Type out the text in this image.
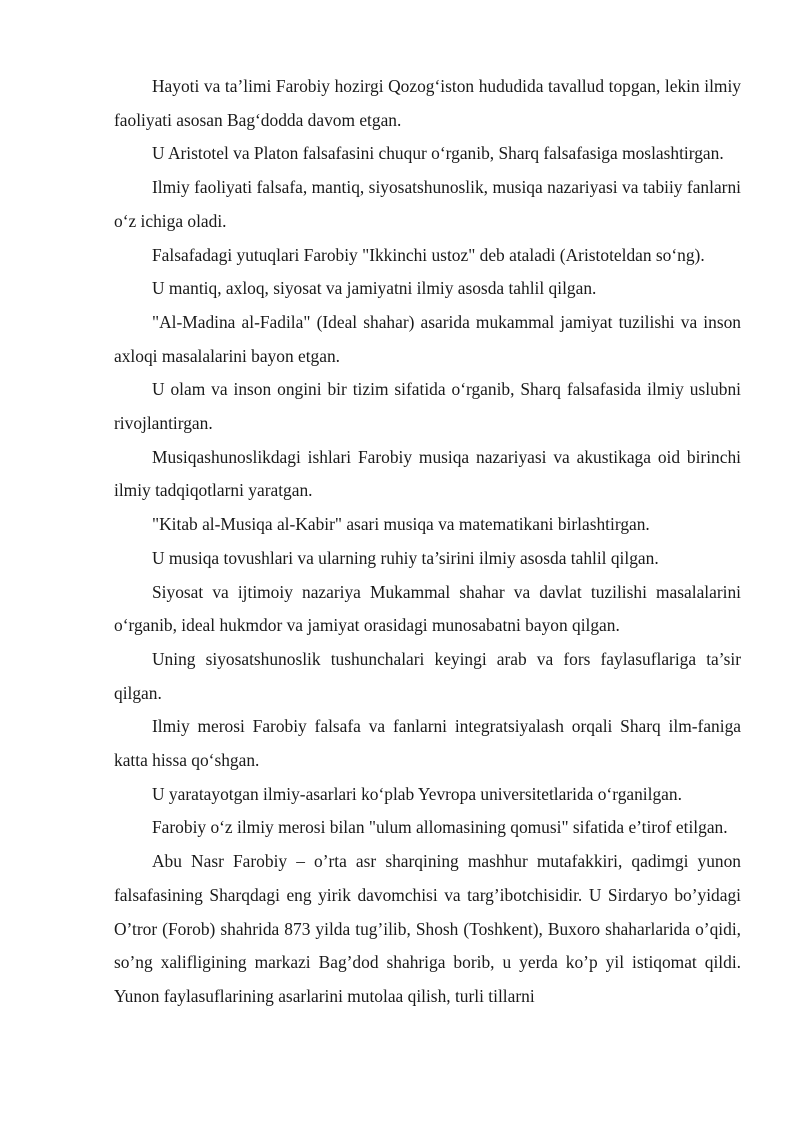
Hayoti va ta’limi Farobiy hozirgi Qozog‘iston hududida tavallud topgan, lekin ilmiy faoliyati asosan Bag‘dodda davom etgan.

U Aristotel va Platon falsafasini chuqur o‘rganib, Sharq falsafasiga moslashtirgan.

Ilmiy faoliyati falsafa, mantiq, siyosatshunoslik, musiqa nazariyasi va tabiiy fanlarni o‘z ichiga oladi.

Falsafadagi yutuqlari Farobiy "Ikkinchi ustoz" deb ataladi (Aristoteldan so‘ng).

U mantiq, axloq, siyosat va jamiyatni ilmiy asosda tahlil qilgan.

"Al-Madina al-Fadila" (Ideal shahar) asarida mukammal jamiyat tuzilishi va inson axloqi masalalarini bayon etgan.

U olam va inson ongini bir tizim sifatida o‘rganib, Sharq falsafasida ilmiy uslubni rivojlantirgan.

Musiqashunoslikdagi ishlari Farobiy musiqa nazariyasi va akustikaga oid birinchi ilmiy tadqiqotlarni yaratgan.

"Kitab al-Musiqa al-Kabir" asari musiqa va matematikani birlashtirgan.

U musiqa tovushlari va ularning ruhiy ta’sirini ilmiy asosda tahlil qilgan.

Siyosat va ijtimoiy nazariya Mukammal shahar va davlat tuzilishi masalalarini o‘rganib, ideal hukmdor va jamiyat orasidagi munosabatni bayon qilgan.

Uning siyosatshunoslik tushunchalari keyingi arab va fors faylasuflariga ta’sir qilgan.

Ilmiy merosi Farobiy falsafa va fanlarni integratsiyalash orqali Sharq ilm-faniga katta hissa qo‘shgan.

U yaratayotgan ilmiy-asarlari ko‘plab Yevropa universitetlarida o‘rganilgan.

Farobiy o‘z ilmiy merosi bilan "ulum allomasining qomusi" sifatida e’tirof etilgan.

Abu Nasr Farobiy – o’rta asr sharqining mashhur mutafakkiri, qadimgi yunon falsafasining Sharqdagi eng yirik davomchisi va targ’ibotchisidir. U Sirdaryo bo’yidagi O’tror (Forob) shahrida 873 yilda tug’ilib, Shosh (Toshkent), Buxoro shaharlarida o’qidi, so’ng xalifligining markazi Bag’dod shahriga borib, u yerda ko’p yil istiqomat qildi. Yunon faylasuflarining asarlarini mutolaa qilish, turli tillarni
